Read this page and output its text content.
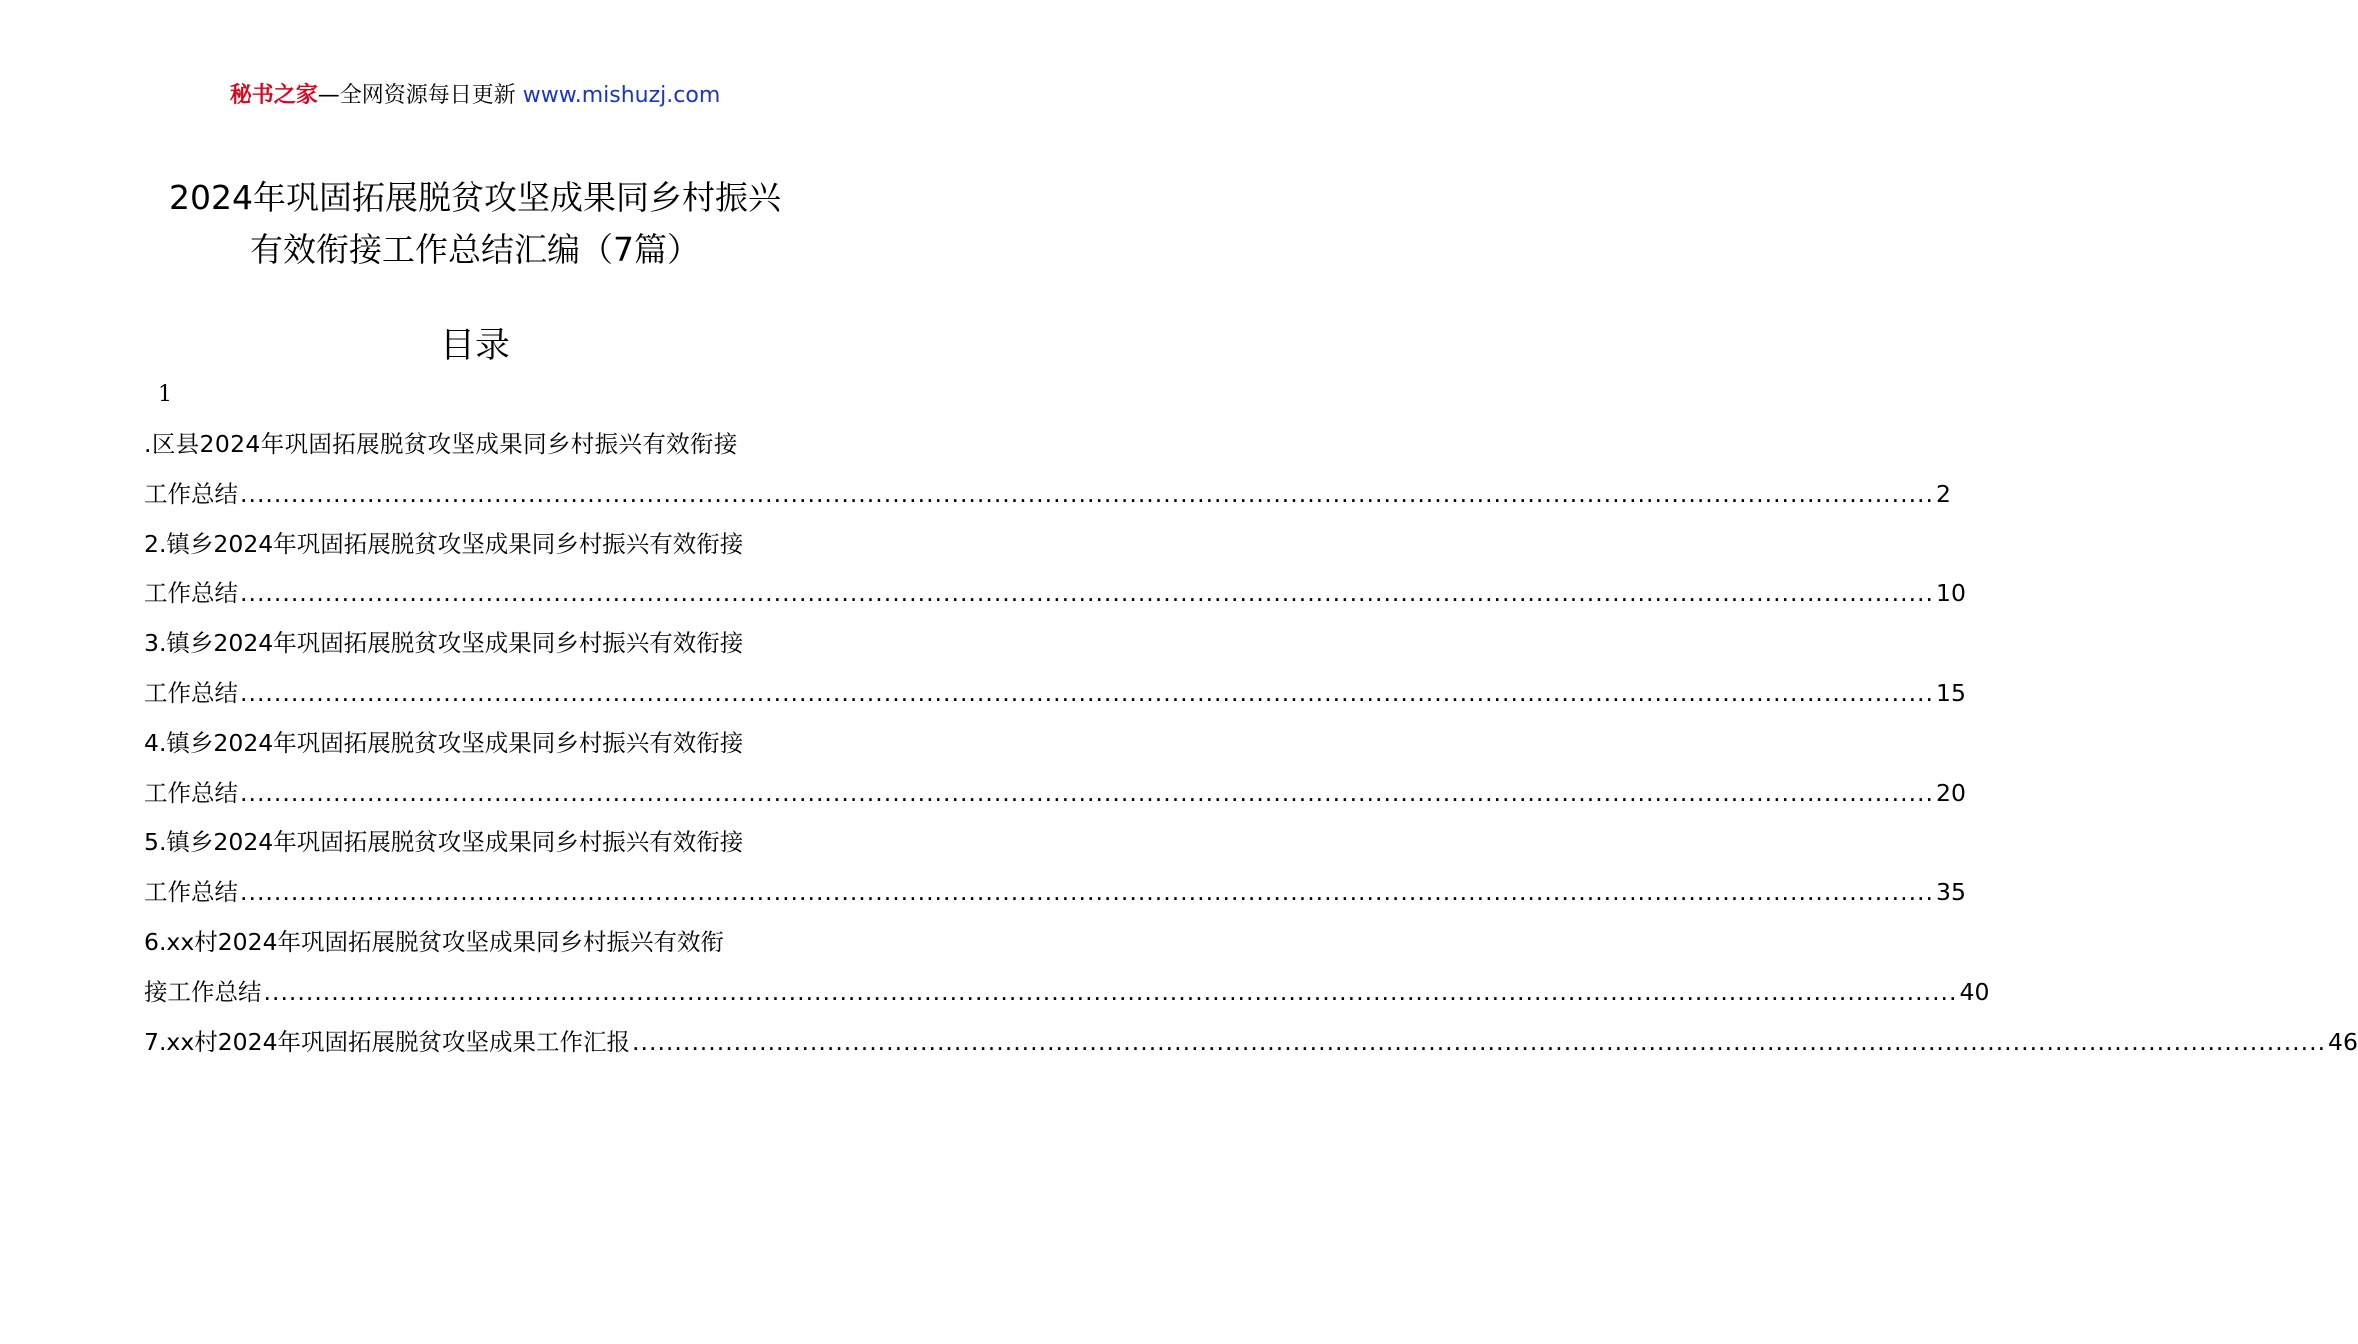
秘书之家—全网资源每日更新 www.mishuzj.com
2024年巩固拓展脱贫攻坚成果同乡村振兴
有效衔接工作总结汇编（7篇）
目录
1
.区县2024年巩固拓展脱贫攻坚成果同乡村振兴有效衔接
工作总结 ........................................................................................................................................................................................................ 2
2.镇乡2024年巩固拓展脱贫攻坚成果同乡村振兴有效衔接
工作总结 ........................................................................................................................................................................................................ 10
3.镇乡2024年巩固拓展脱贫攻坚成果同乡村振兴有效衔接
工作总结 ........................................................................................................................................................................................................ 15
4.镇乡2024年巩固拓展脱贫攻坚成果同乡村振兴有效衔接
工作总结 ........................................................................................................................................................................................................ 20
5.镇乡2024年巩固拓展脱贫攻坚成果同乡村振兴有效衔接
工作总结 ........................................................................................................................................................................................................ 35
6.xx村2024年巩固拓展脱贫攻坚成果同乡村振兴有效衔
接工作总结 ........................................................................................................................................................................................................ 40
7.xx村2024年巩固拓展脱贫攻坚成果工作汇报 ........................................................................................................................................................................................................ 46
